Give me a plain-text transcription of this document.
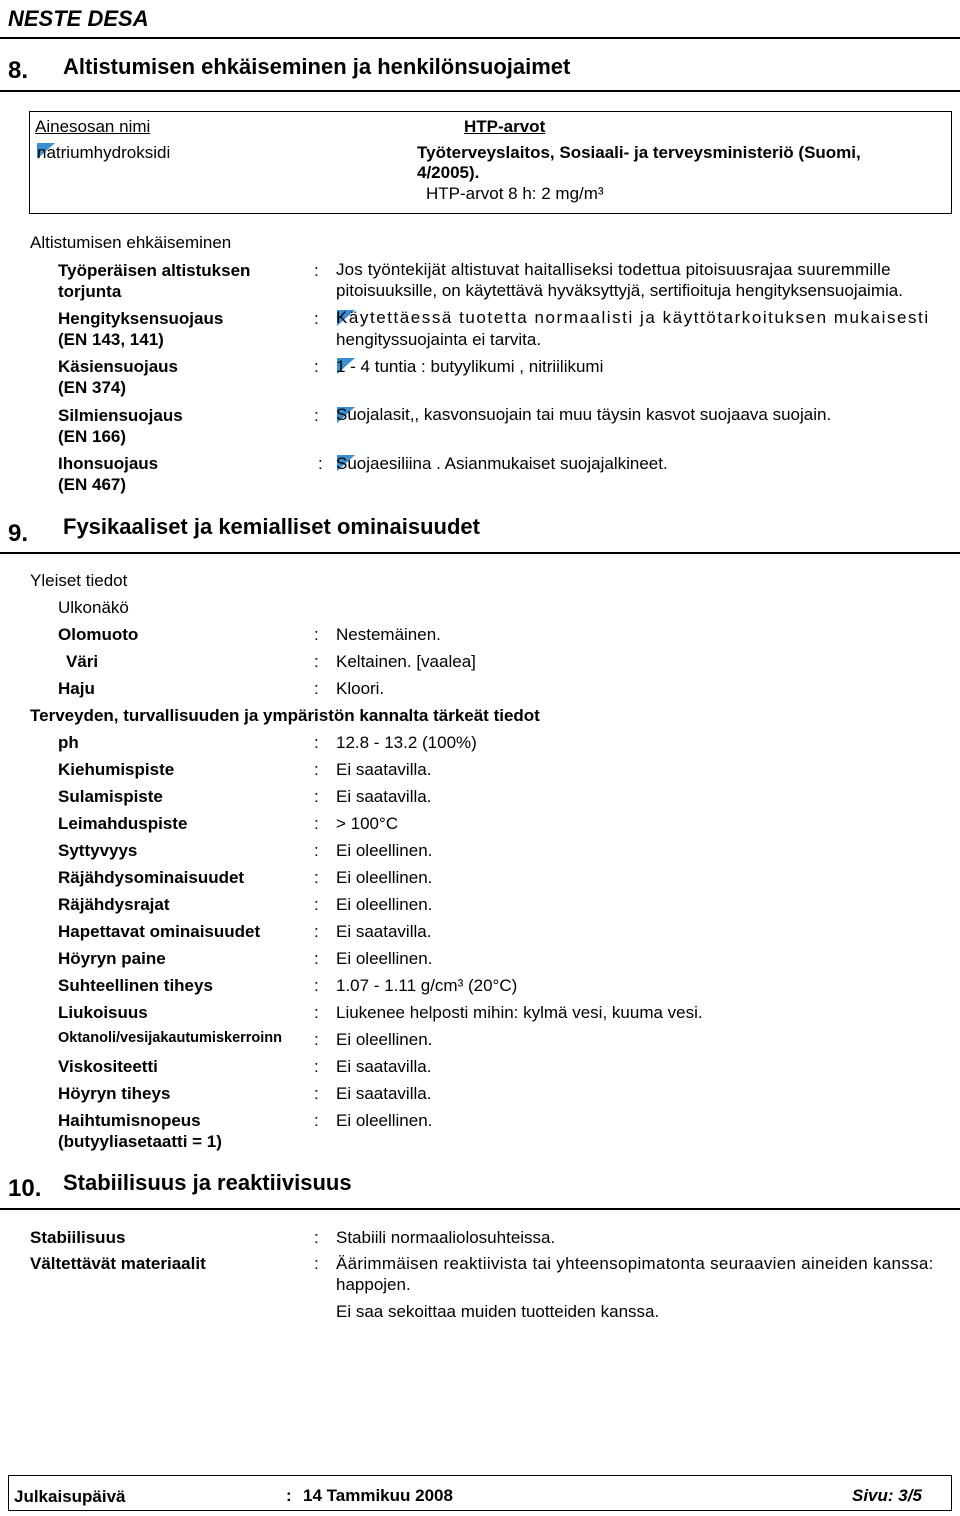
NESTE DESA
8. Altistumisen ehkäiseminen ja henkilönsuojaimet
Ainesosan nimi	HTP-arvot
natriumhydroksidi	Työterveyslaitos, Sosiaali- ja terveysministeriö (Suomi,
4/2005).
HTP-arvot 8 h: 2 mg/m³
Altistumisen ehkäiseminen
Työperäisen altistuksen
torjunta
: Jos työntekijät altistuvat haitalliseksi todettua pitoisuusrajaa suuremmille
pitoisuuksille, on käytettävä hyväksyttyjä, sertifioituja hengityksensuojaimia.
Hengityksensuojaus
(EN 143, 141)
: Käytettäessä tuotetta normaalisti ja käyttötarkoituksen mukaisesti
hengityssuojainta ei tarvita.
Käsiensuojaus
(EN 374)
: 1 - 4 tuntia : butyylikumi , nitriilikumi
Silmiensuojaus
(EN 166)
: Suojalasit,, kasvonsuojain tai muu täysin kasvot suojaava suojain.
Ihonsuojaus
(EN 467)
: Suojaesiliina . Asianmukaiset suojajalkineet.
9. Fysikaaliset ja kemialliset ominaisuudet
Yleiset tiedot
Ulkonäkö
Olomuoto	: Nestemäinen.
Väri	: Keltainen. [vaalea]
Haju	: Kloori.
Terveyden, turvallisuuden ja ympäristön kannalta tärkeät tiedot
ph	: 12.8 - 13.2 (100%)
Kiehumispiste	: Ei saatavilla.
Sulamispiste	: Ei saatavilla.
Leimahduspiste	: > 100°C
Syttyvyys	: Ei oleellinen.
Räjähdysominaisuudet	: Ei oleellinen.
Räjähdysrajat	: Ei oleellinen.
Hapettavat ominaisuudet	: Ei saatavilla.
Höyryn paine	: Ei oleellinen.
Suhteellinen tiheys	: 1.07 - 1.11 g/cm³ (20°C)
Liukoisuus	: Liukenee helposti mihin: kylmä vesi, kuuma vesi.
Oktanoli/vesijakautumiskerroinn : Ei oleellinen.
Viskositeetti	: Ei saatavilla.
Höyryn tiheys	: Ei saatavilla.
Haihtumisnopeus
(butyyliasetaatti = 1)
: Ei oleellinen.
10. Stabiilisuus ja reaktiivisuus
Stabiilisuus	: Stabiili normaaliolosuhteissa.
Vältettävät materiaalit	: Äärimmäisen reaktiivista tai yhteensopimatonta seuraavien aineiden kanssa:
happojen.
Ei saa sekoittaa muiden tuotteiden kanssa.
Julkaisupäivä	: 14 Tammikuu 2008	Sivu: 3/5
